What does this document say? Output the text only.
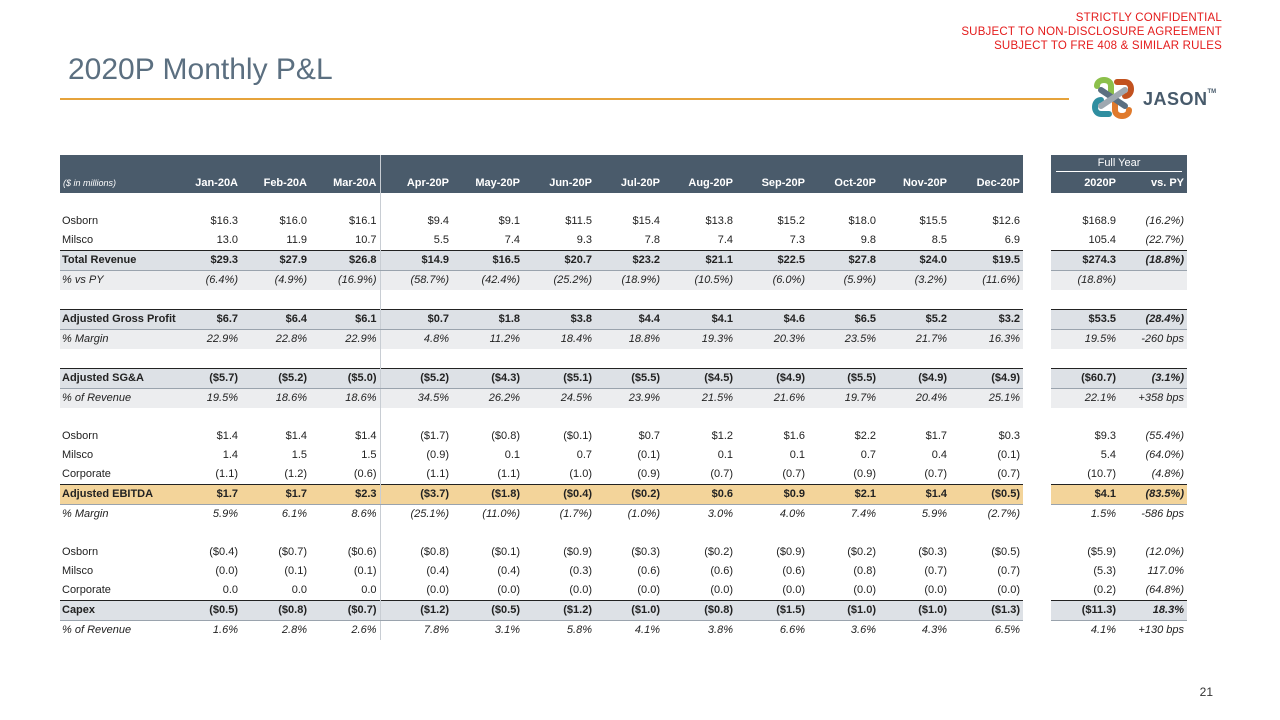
STRICTLY CONFIDENTIAL
SUBJECT TO NON-DISCLOSURE AGREEMENT
SUBJECT TO FRE 408 & SIMILAR RULES
2020P Monthly P&L
JASON™
														Full Year	
($ in millions)	Jan-20A	Feb-20A	Mar-20A	Apr-20P	May-20P	Jun-20P	Jul-20P	Aug-20P	Sep-20P	Oct-20P	Nov-20P	Dec-20P		2020P	vs. PY

Osborn	$16.3	$16.0	$16.1	$9.4	$9.1	$11.5	$15.4	$13.8	$15.2	$18.0	$15.5	$12.6		$168.9	(16.2%)
Milsco	13.0	11.9	10.7	5.5	7.4	9.3	7.8	7.4	7.3	9.8	8.5	6.9		105.4	(22.7%)
Total Revenue	$29.3	$27.9	$26.8	$14.9	$16.5	$20.7	$23.2	$21.1	$22.5	$27.8	$24.0	$19.5		$274.3	(18.8%)
% vs PY	(6.4%)	(4.9%)	(16.9%)	(58.7%)	(42.4%)	(25.2%)	(18.9%)	(10.5%)	(6.0%)	(5.9%)	(3.2%)	(11.6%)		(18.8%)	

Adjusted Gross Profit	$6.7	$6.4	$6.1	$0.7	$1.8	$3.8	$4.4	$4.1	$4.6	$6.5	$5.2	$3.2		$53.5	(28.4%)
% Margin	22.9%	22.8%	22.9%	4.8%	11.2%	18.4%	18.8%	19.3%	20.3%	23.5%	21.7%	16.3%		19.5%	-260 bps

Adjusted SG&A	($5.7)	($5.2)	($5.0)	($5.2)	($4.3)	($5.1)	($5.5)	($4.5)	($4.9)	($5.5)	($4.9)	($4.9)		($60.7)	(3.1%)
% of Revenue	19.5%	18.6%	18.6%	34.5%	26.2%	24.5%	23.9%	21.5%	21.6%	19.7%	20.4%	25.1%		22.1%	+358 bps

Osborn	$1.4	$1.4	$1.4	($1.7)	($0.8)	($0.1)	$0.7	$1.2	$1.6	$2.2	$1.7	$0.3		$9.3	(55.4%)
Milsco	1.4	1.5	1.5	(0.9)	0.1	0.7	(0.1)	0.1	0.1	0.7	0.4	(0.1)		5.4	(64.0%)
Corporate	(1.1)	(1.2)	(0.6)	(1.1)	(1.1)	(1.0)	(0.9)	(0.7)	(0.7)	(0.9)	(0.7)	(0.7)		(10.7)	(4.8%)
Adjusted EBITDA	$1.7	$1.7	$2.3	($3.7)	($1.8)	($0.4)	($0.2)	$0.6	$0.9	$2.1	$1.4	($0.5)		$4.1	(83.5%)
% Margin	5.9%	6.1%	8.6%	(25.1%)	(11.0%)	(1.7%)	(1.0%)	3.0%	4.0%	7.4%	5.9%	(2.7%)		1.5%	-586 bps

Osborn	($0.4)	($0.7)	($0.6)	($0.8)	($0.1)	($0.9)	($0.3)	($0.2)	($0.9)	($0.2)	($0.3)	($0.5)		($5.9)	(12.0%)
Milsco	(0.0)	(0.1)	(0.1)	(0.4)	(0.4)	(0.3)	(0.6)	(0.6)	(0.6)	(0.8)	(0.7)	(0.7)		(5.3)	117.0%
Corporate	0.0	0.0	0.0	(0.0)	(0.0)	(0.0)	(0.0)	(0.0)	(0.0)	(0.0)	(0.0)	(0.0)		(0.2)	(64.8%)
Capex	($0.5)	($0.8)	($0.7)	($1.2)	($0.5)	($1.2)	($1.0)	($0.8)	($1.5)	($1.0)	($1.0)	($1.3)		($11.3)	18.3%
% of Revenue	1.6%	2.8%	2.6%	7.8%	3.1%	5.8%	4.1%	3.8%	6.6%	3.6%	4.3%	6.5%		4.1%	+130 bps
21
